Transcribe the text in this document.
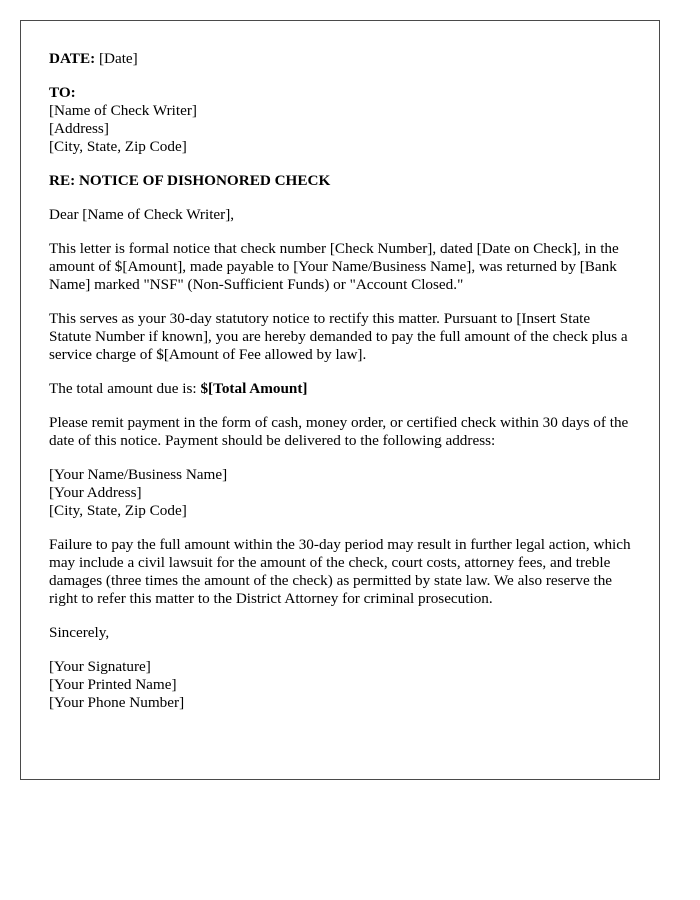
DATE: [Date]
TO:
[Name of Check Writer]
[Address]
[City, State, Zip Code]
RE: NOTICE OF DISHONORED CHECK

Dear [Name of Check Writer],

This letter is formal notice that check number [Check Number], dated [Date on Check], in the amount of $[Amount], made payable to [Your Name/Business Name], was returned by [Bank Name] marked "NSF" (Non-Sufficient Funds) or "Account Closed."

This serves as your 30-day statutory notice to rectify this matter. Pursuant to [Insert State Statute Number if known], you are hereby demanded to pay the full amount of the check plus a service charge of $[Amount of Fee allowed by law].

The total amount due is: $[Total Amount]

Please remit payment in the form of cash, money order, or certified check within 30 days of the date of this notice. Payment should be delivered to the following address:

[Your Name/Business Name]
[Your Address]
[City, State, Zip Code]

Failure to pay the full amount within the 30-day period may result in further legal action, which may include a civil lawsuit for the amount of the check, court costs, attorney fees, and treble damages (three times the amount of the check) as permitted by state law. We also reserve the right to refer this matter to the District Attorney for criminal prosecution.

Sincerely,

[Your Signature]
[Your Printed Name]
[Your Phone Number]
